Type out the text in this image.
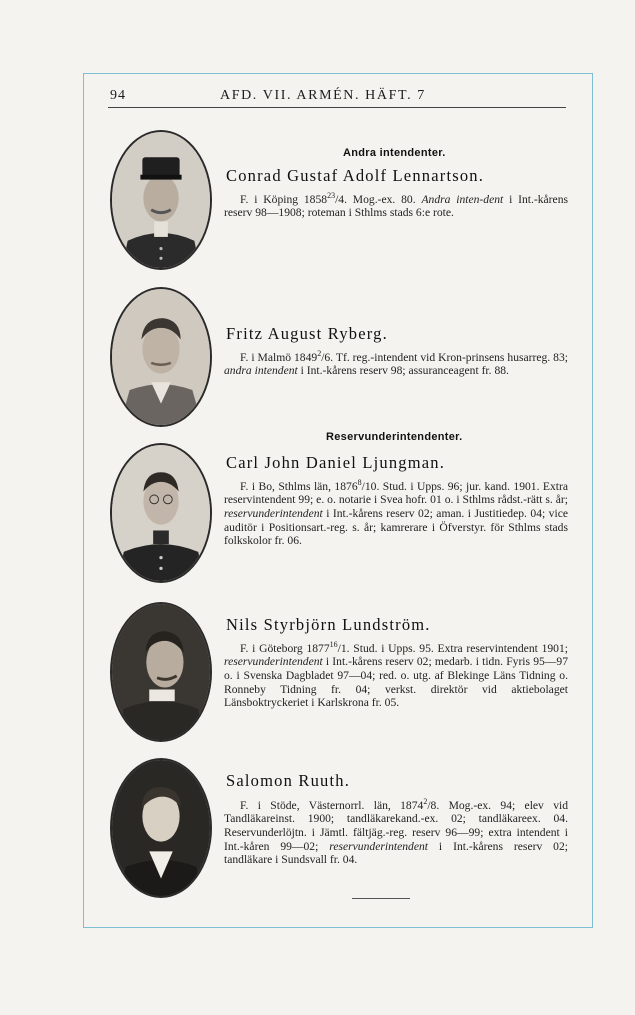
94	AFD. VII. ARMÉN. HÄFT. 7
Andra intendenter.
Conrad Gustaf Adolf Lennartson.
F. i Köping 1858$^{23}$/4. Mog.-ex. 80. Andra inten-dent i Int.-kårens reserv 98—1908; roteman i Sthlms stads 6:e rote.
Fritz August Ryberg.
F. i Malmö 1849$^2$/6. Tf. reg.-intendent vid Kron-prinsens husarreg. 83; andra intendent i Int.-kårens reserv 98; assuranceagent fr. 88.
Reservunderintendenter.
Carl John Daniel Ljungman.
F. i Bo, Sthlms län, 1876$^8$/10. Stud. i Upps. 96; jur. kand. 1901. Extra reservintendent 99; e. o. notarie i Svea hofr. 01 o. i Sthlms rådst.-rätt s. år; reservunderintendent i Int.-kårens reserv 02; aman. i Justitiedep. 04; vice auditör i Positionsart.-reg. s. år; kamrerare i Öfverstyr. för Sthlms stads folkskolor fr. 06.
Nils Styrbjörn Lundström.
F. i Göteborg 1877$^{16}$/1. Stud. i Upps. 95. Extra reservintendent 1901; reservunderintendent i Int.-kårens reserv 02; medarb. i tidn. Fyris 95—97 o. i Svenska Dagbladet 97—04; red. o. utg. af Blekinge Läns Tidning o. Ronneby Tidning fr. 04; verkst. direktör vid aktiebolaget Länsboktryckeriet i Karlskrona fr. 05.
Salomon Ruuth.
F. i Stöde, Västernorrl. län, 1874$^2$/8. Mog.-ex. 94; elev vid Tandläkareinst. 1900; tandläkarekand.-ex. 02; tandläkareex. 04. Reservunderlöjtn. i Jämtl. fältjäg.-reg. reserv 96—99; extra intendent i Int.-kåren 99—02; reservunderintendent i Int.-kårens reserv 02; tandläkare i Sundsvall fr. 04.
